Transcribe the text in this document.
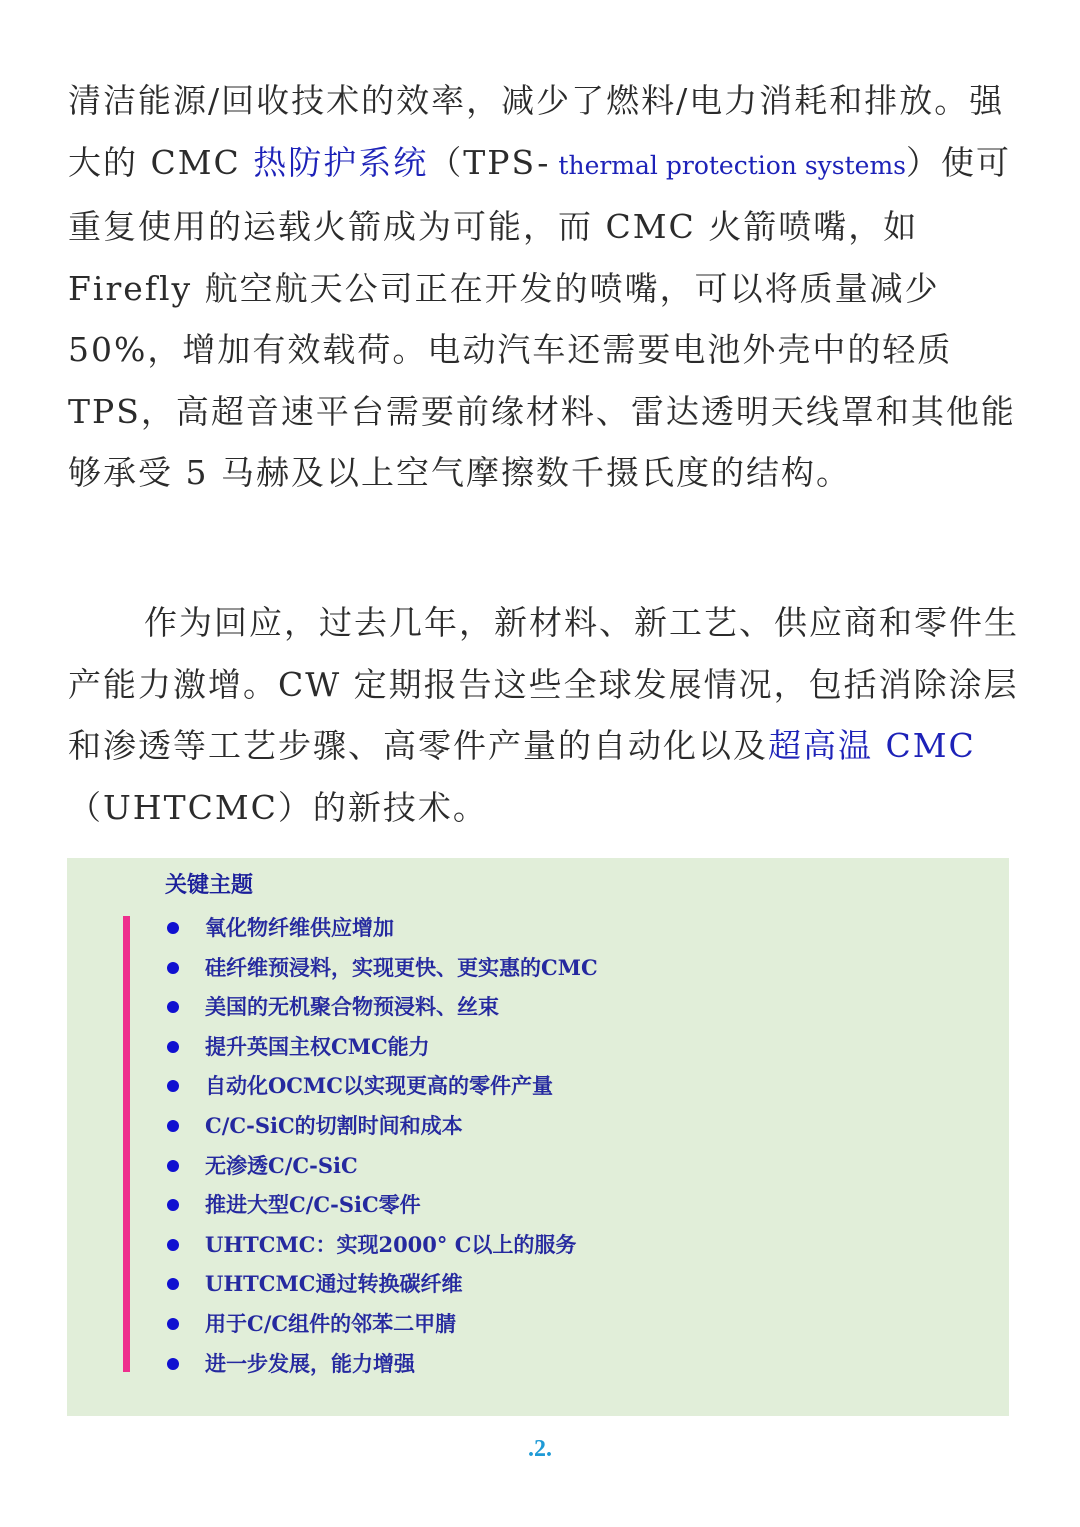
清洁能源/回收技术的效率，减少了燃料/电力消耗和排放。强大的 CMC 热防护系统（TPS- thermal protection systems）使可重复使用的运载火箭成为可能，而 CMC 火箭喷嘴，如 Firefly 航空航天公司正在开发的喷嘴，可以将质量减少 50%，增加有效载荷。电动汽车还需要电池外壳中的轻质 TPS，高超音速平台需要前缘材料、雷达透明天线罩和其他能够承受 5 马赫及以上空气摩擦数千摄氏度的结构。

作为回应，过去几年，新材料、新工艺、供应商和零件生产能力激增。CW 定期报告这些全球发展情况，包括消除涂层和渗透等工艺步骤、高零件产量的自动化以及超高温 CMC（UHTCMC）的新技术。

关键主题
氧化物纤维供应增加
硅纤维预浸料，实现更快、更实惠的CMC
美国的无机聚合物预浸料、丝束
提升英国主权CMC能力
自动化OCMC以实现更高的零件产量
C/C-SiC的切割时间和成本
无渗透C/C-SiC
推进大型C/C-SiC零件
UHTCMC：实现2000° C以上的服务
UHTCMC通过转换碳纤维
用于C/C组件的邻苯二甲腈
进一步发展，能力增强
.2.
